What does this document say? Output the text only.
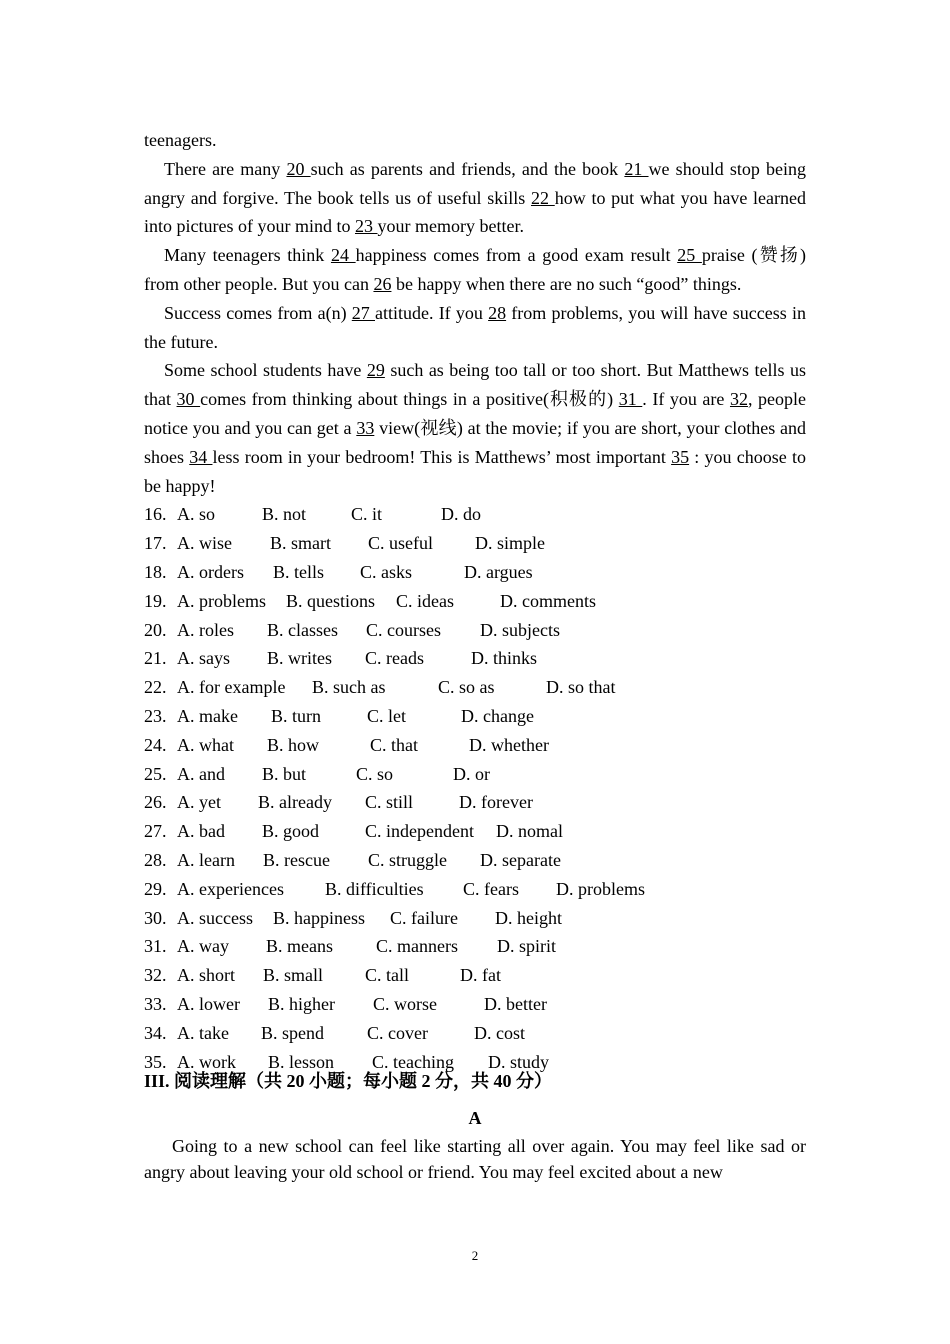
teenagers.

There are many 20 such as parents and friends, and the book 21 we should stop being angry and forgive. The book tells us of useful skills 22 how to put what you have learned into pictures of your mind to 23 your memory better.

Many teenagers think 24 happiness comes from a good exam result 25 praise (赞扬) from other people. But you can 26 be happy when there are no such “good” things.

Success comes from a(n) 27 attitude. If you 28 from problems, you will have success in the future.

Some school students have 29 such as being too tall or too short. But Matthews tells us that 30 comes from thinking about things in a positive(积极的) 31 . If you are 32, people notice you and you can get a 33 view(视线) at the movie; if you are short, your clothes and shoes 34 less room in your bedroom! This is Matthews’ most important 35 : you choose to be happy!

16. A. so	B. not C. it	D. do
17. A. wise B. smart C. useful D. simple
18. A. orders B. tells C. asks	D. argues
19. A. problems B. questions C. ideas	D. comments
20. A. roles B. classes C. courses D. subjects
21. A. says B. writes C. reads	D. thinks
22. A. for example B. such as	C. so as	D. so that
23. A. make B. turn	C. let	D. change
24. A. what B. how	C. that	D. whether
25. A. and B. but	C. so	D. or
26. A. yet B. already C. still	D. forever
27. A. bad B. good	C. independent D. nomal
28. A. learn B. rescue C. struggle D. separate
29. A. experiences B. difficulties C. fears D. problems
30. A. success B. happiness C. failure D. height
31. A. way B. means C. manners D. spirit
32. A. short B. small C. tall	D. fat
33. A. lower B. higher C. worse	D. better
34. A. take B. spend C. cover	D. cost
35. A. work B. lesson C. teaching D. study
III. 阅读理解（共 20 小题；每小题 2 分，共 40 分）
A

Going to a new school can feel like starting all over again. You may feel like sad or angry about leaving your old school or friend. You may feel excited about a new

2
